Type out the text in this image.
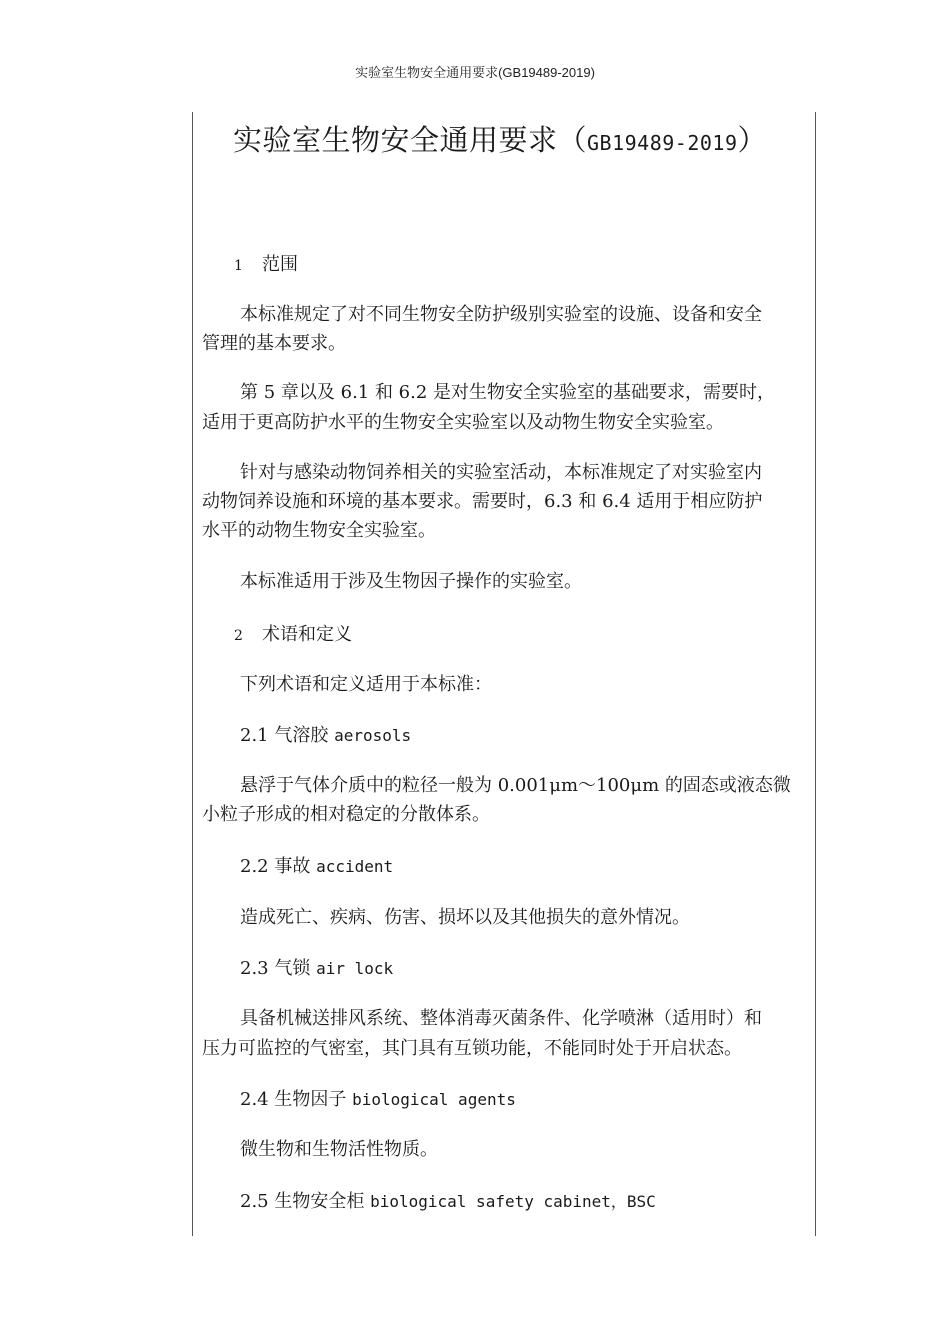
实验室生物安全通用要求(GB19489-2019)
实验室生物安全通用要求（GB19489-2019）
1 范围
本标准规定了对不同生物安全防护级别实验室的设施、设备和安全
管理的基本要求。
第 5 章以及 6.1 和 6.2 是对生物安全实验室的基础要求，需要时，
适用于更高防护水平的生物安全实验室以及动物生物安全实验室。
针对与感染动物饲养相关的实验室活动，本标准规定了对实验室内
动物饲养设施和环境的基本要求。需要时，6.3 和 6.4 适用于相应防护
水平的动物生物安全实验室。
本标准适用于涉及生物因子操作的实验室。
2 术语和定义
下列术语和定义适用于本标准：
2.1 气溶胶 aerosols
悬浮于气体介质中的粒径一般为 0.001μm～100μm 的固态或液态微
小粒子形成的相对稳定的分散体系。
2.2 事故 accident
造成死亡、疾病、伤害、损坏以及其他损失的意外情况。
2.3 气锁 air lock
具备机械送排风系统、整体消毒灭菌条件、化学喷淋（适用时）和
压力可监控的气密室，其门具有互锁功能，不能同时处于开启状态。
2.4 生物因子 biological agents
微生物和生物活性物质。
2.5 生物安全柜 biological safety cabinet，BSC
